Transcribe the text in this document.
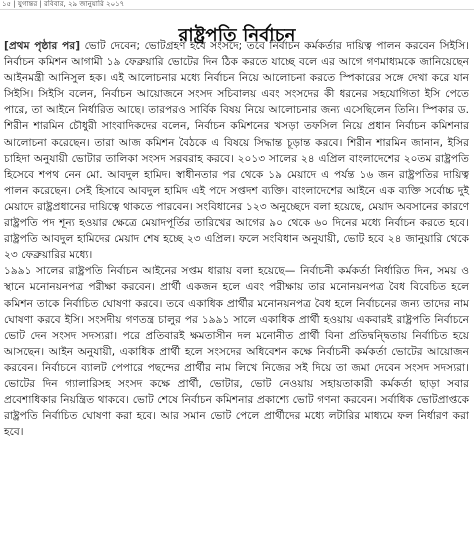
১৫ | যুগান্তর | রবিবার, ২৯ জানুয়ারি ২০১৭
রাষ্ট্রপতি নির্বাচন

[প্রথম পৃষ্ঠার পর] ভোট দেবেন; ভোটগ্রহণ হবে সংসদে; তবে নির্বাচন কর্মকর্তার দায়িত্ব পালন করবেন সিইসি। নির্বাচন কমিশন আগামী ১৯ ফেব্রুয়ারি ভোটের দিন ঠিক করতে যাচ্ছে বলে এর আগে গণমাধ্যমকে জানিয়েছেন আইনমন্ত্রী আনিসুল হক। এই আলোচনার মধ্যে নির্বাচন নিয়ে আলোচনা করতে স্পিকারের সঙ্গে দেখা করে যান সিইসি। সিইসি বলেন, নির্বাচন আয়োজনে সংসদ সচিবালয় এবং সংসদের কী ধরনের সহযোগিতা ইসি পেতে পারে, তা আইনে নির্ধারিত আছে। তারপরও সার্বিক বিষয় নিয়ে আলোচনার জন্য এসেছিলেন তিনি। স্পিকার ড. শিরীন শারমিন চৌধুরী সাংবাদিকদের বলেন, নির্বাচন কমিশনের খসড়া তফসিল নিয়ে প্রধান নির্বাচন কমিশনার আলোচনা করেছেন। তারা আজ কমিশন বৈঠকে এ বিষয়ে সিদ্ধান্ত চূড়ান্ত করবে। শিরীন শারমিন জানান, ইসির চাহিদা অনুযায়ী ভোটার তালিকা সংসদ সরবরাহ করবে। ২০১৩ সালের ২৪ এপ্রিল বাংলাদেশের ২০তম রাষ্ট্রপতি হিসেবে শপথ নেন মো. আবদুল হামিদ। স্বাধীনতার পর থেকে ১৯ মেয়াদে এ পর্যন্ত ১৬ জন রাষ্ট্রপতির দায়িত্ব পালন করেছেন। সেই হিসাবে আবদুল হামিদ এই পদে সপ্তদশ ব্যক্তি। বাংলাদেশের আইনে এক ব্যক্তি সর্বোচ্চ দুই মেয়াদে রাষ্ট্রপ্রধানের দায়িত্বে থাকতে পারবেন। সংবিধানের ১২৩ অনুচ্ছেদে বলা হয়েছে, মেয়াদ অবসানের কারণে রাষ্ট্রপতি পদ শূন্য হওয়ার ক্ষেত্রে মেয়াদপূর্তির তারিখের আগের ৯০ থেকে ৬০ দিনের মধ্যে নির্বাচন করতে হবে। রাষ্ট্রপতি আবদুল হামিদের মেয়াদ শেষ হচ্ছে ২৩ এপ্রিল। ফলে সংবিধান অনুযায়ী, ভোট হবে ২৪ জানুয়ারি থেকে ২৩ ফেব্রুয়ারির মধ্যে।

১৯৯১ সালের রাষ্ট্রপতি নির্বাচন আইনের সপ্তম ধারায় বলা হয়েছে— নির্বাচনী কর্মকর্তা নির্ধারিত দিন, সময় ও স্থানে মনোনয়নপত্র পরীক্ষা করবেন। প্রার্থী একজন হলে এবং পরীক্ষায় তার মনোনয়নপত্র বৈধ বিবেচিত হলে কমিশন তাকে নির্বাচিত ঘোষণা করবে। তবে একাধিক প্রার্থীর মনোনয়নপত্র বৈধ হলে নির্বাচনের জন্য তাদের নাম ঘোষণা করবে ইসি। সংসদীয় গণতন্ত্র চালুর পর ১৯৯১ সালে একাধিক প্রার্থী হওয়ায় একবারই রাষ্ট্রপতি নির্বাচনে ভোট দেন সংসদ সদস্যরা। পরে প্রতিবারই ক্ষমতাসীন দল মনোনীত প্রার্থী বিনা প্রতিদ্বন্দ্বিতায় নির্বাচিত হয়ে আসছেন। আইন অনুযায়ী, একাধিক প্রার্থী হলে সংসদের অধিবেশন কক্ষে নির্বাচনী কর্মকর্তা ভোটের আয়োজন করবেন। নির্বাচনে ব্যালট পেপারে পছন্দের প্রার্থীর নাম লিখে নিজের সই দিয়ে তা জমা দেবেন সংসদ সদস্যরা। ভোটের দিন গ্যালারিসহ সংসদ কক্ষে প্রার্থী, ভোটার, ভোট নেওয়ায় সহায়তাকারী কর্মকর্তা ছাড়া সবার প্রবেশাধিকার নিয়ন্ত্রিত থাকবে। ভোট শেষে নির্বাচন কমিশনার প্রকাশ্যে ভোট গণনা করবেন। সর্বাধিক ভোটপ্রাপ্তকে রাষ্ট্রপতি নির্বাচিত ঘোষণা করা হবে। আর সমান ভোট পেলে প্রার্থীদের মধ্যে লটারির মাধ্যমে ফল নির্ধারণ করা হবে।
